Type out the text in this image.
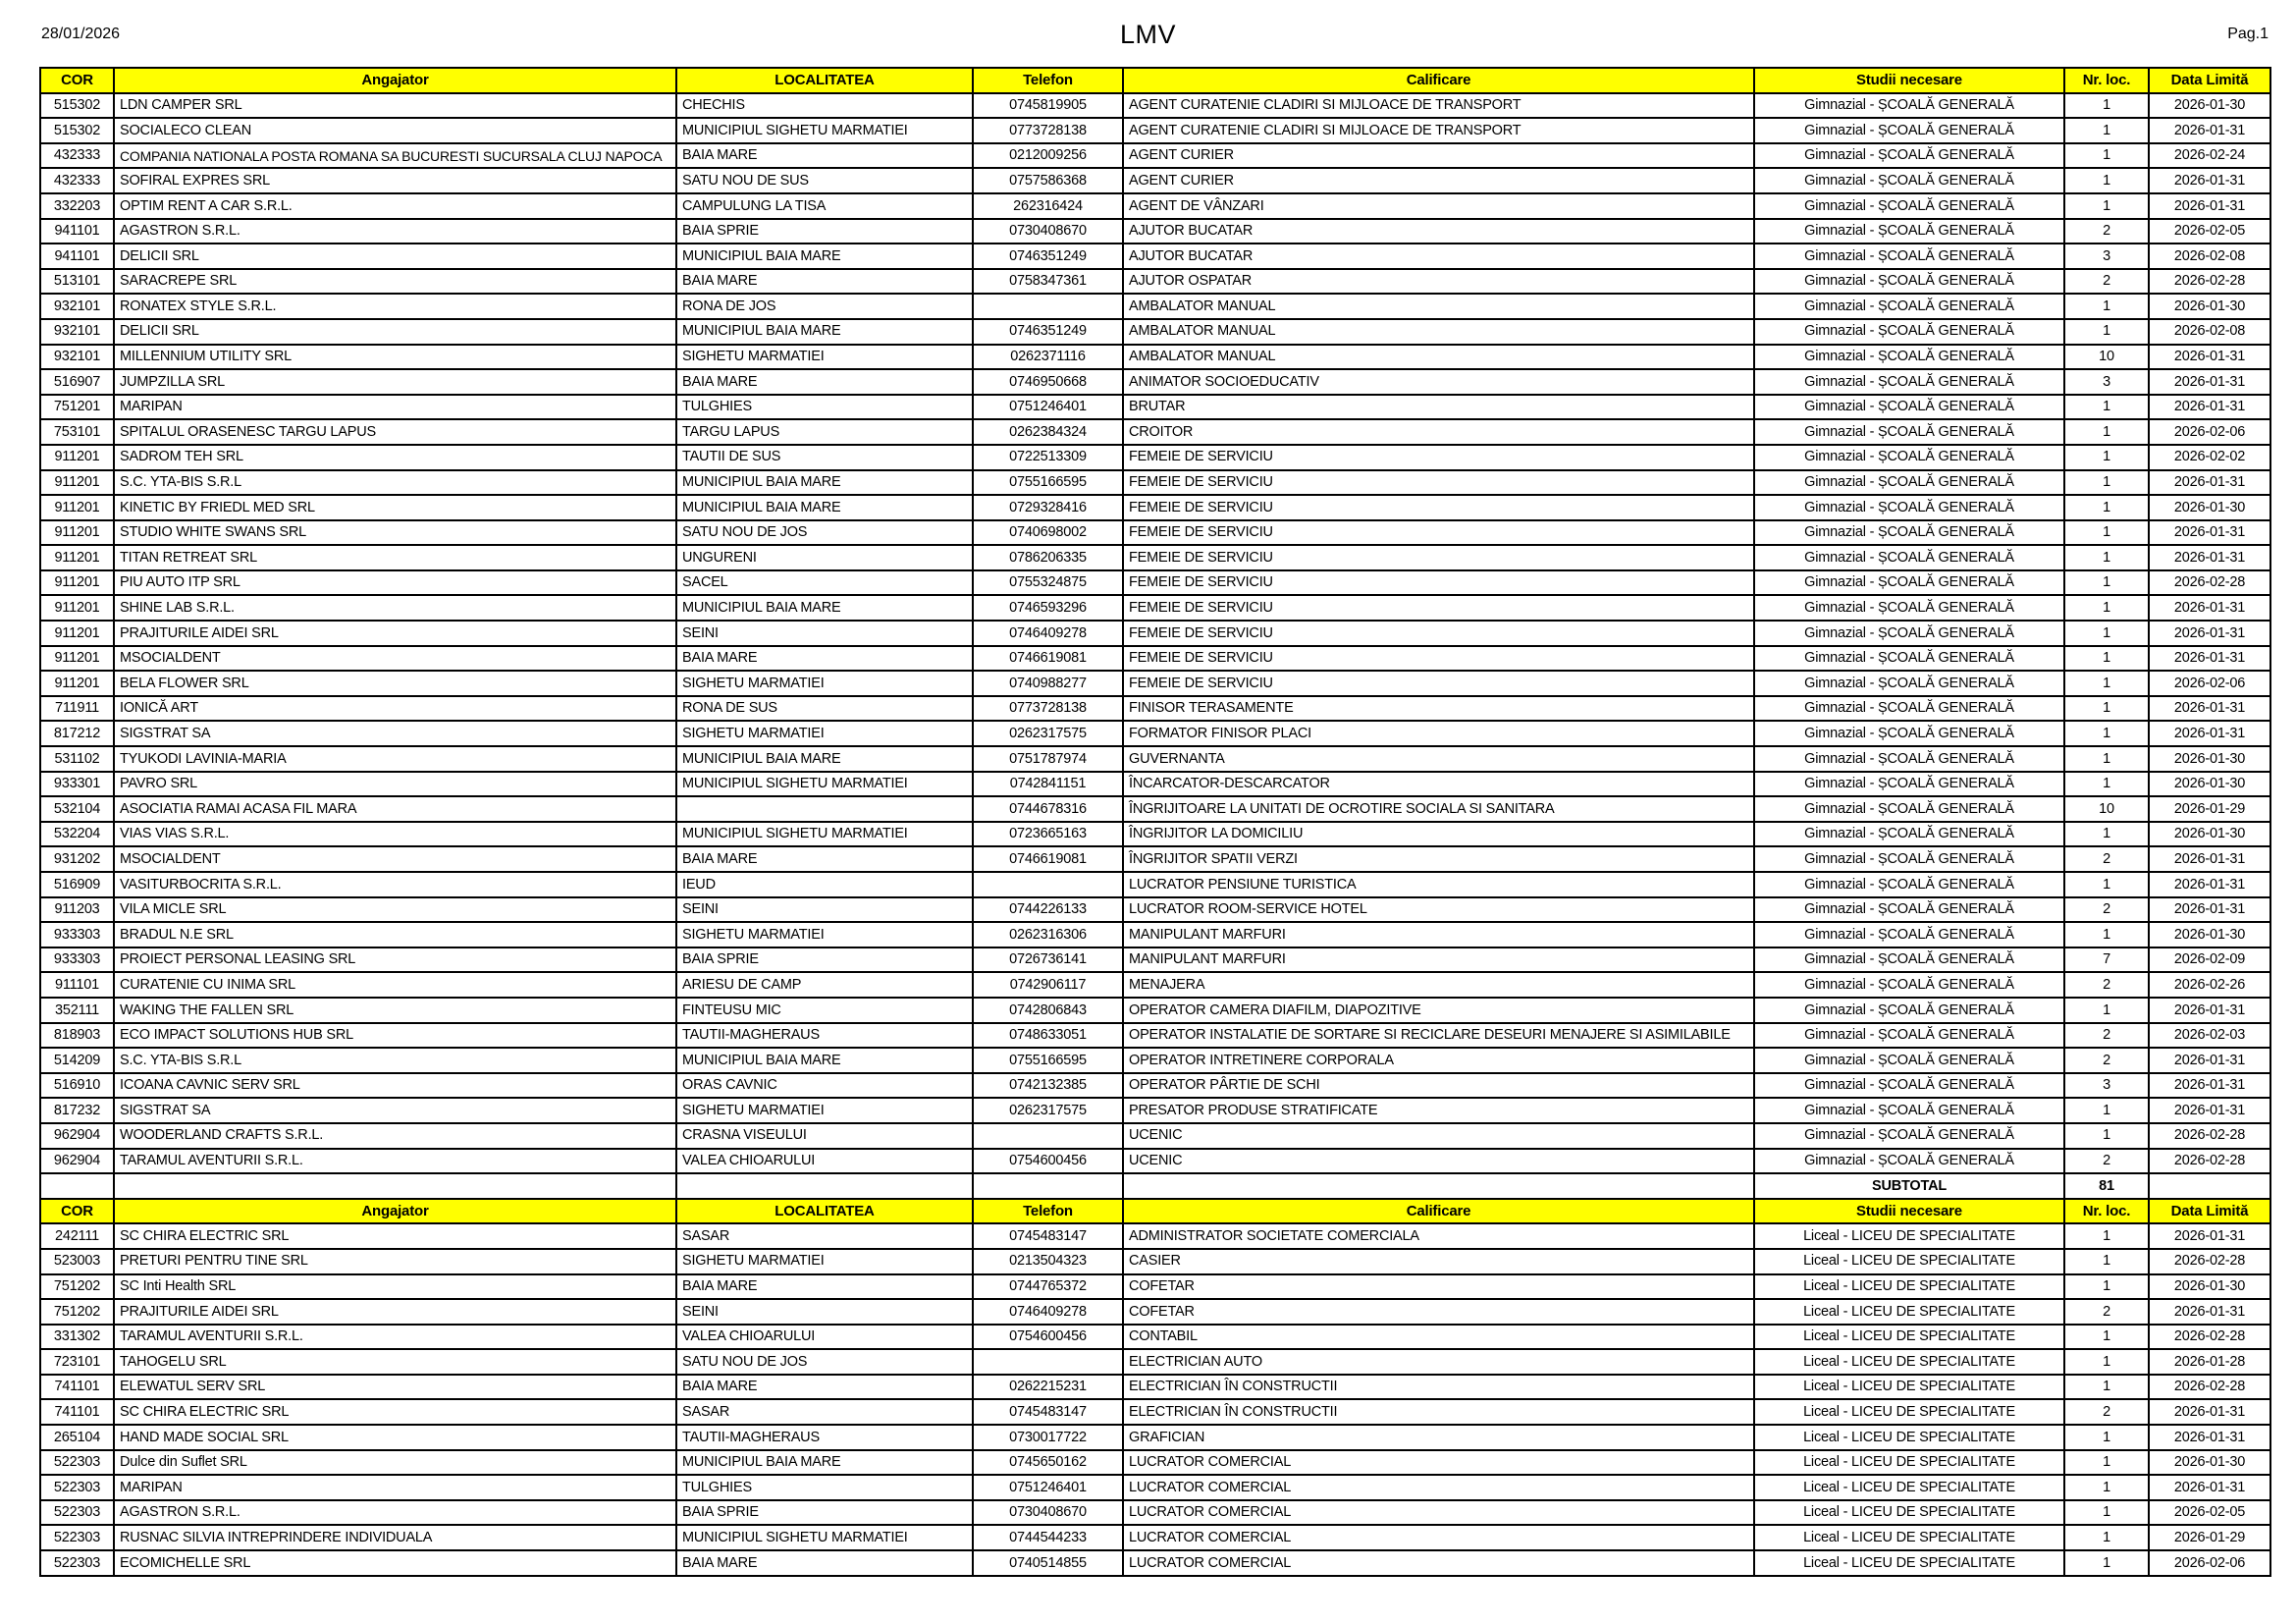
28/01/2026	LMV	Pag.1
COR	Angajator	LOCALITATEA	Telefon	Calificare	Studii necesare	Nr. loc.	Data Limită
515302	LDN CAMPER SRL	CHECHIS	0745819905	AGENT CURATENIE CLADIRI SI MIJLOACE DE TRANSPORT	Gimnazial - ȘCOALĂ GENERALĂ	1	2026-01-30
515302	SOCIALECO CLEAN	MUNICIPIUL SIGHETU MARMATIEI	0773728138	AGENT CURATENIE CLADIRI SI MIJLOACE DE TRANSPORT	Gimnazial - ȘCOALĂ GENERALĂ	1	2026-01-31
432333	COMPANIA NATIONALA POSTA ROMANA SA BUCURESTI SUCURSALA CLUJ NAPOCA	BAIA MARE	0212009256	AGENT CURIER	Gimnazial - ȘCOALĂ GENERALĂ	1	2026-02-24
432333	SOFIRAL EXPRES SRL	SATU NOU DE SUS	0757586368	AGENT CURIER	Gimnazial - ȘCOALĂ GENERALĂ	1	2026-01-31
332203	OPTIM RENT A CAR S.R.L.	CAMPULUNG LA TISA	262316424	AGENT DE VÂNZARI	Gimnazial - ȘCOALĂ GENERALĂ	1	2026-01-31
941101	AGASTRON S.R.L.	BAIA SPRIE	0730408670	AJUTOR BUCATAR	Gimnazial - ȘCOALĂ GENERALĂ	2	2026-02-05
941101	DELICII SRL	MUNICIPIUL BAIA MARE	0746351249	AJUTOR BUCATAR	Gimnazial - ȘCOALĂ GENERALĂ	3	2026-02-08
513101	SARACREPE SRL	BAIA MARE	0758347361	AJUTOR OSPATAR	Gimnazial - ȘCOALĂ GENERALĂ	2	2026-02-28
932101	RONATEX STYLE S.R.L.	RONA DE JOS		AMBALATOR MANUAL	Gimnazial - ȘCOALĂ GENERALĂ	1	2026-01-30
932101	DELICII SRL	MUNICIPIUL BAIA MARE	0746351249	AMBALATOR MANUAL	Gimnazial - ȘCOALĂ GENERALĂ	1	2026-02-08
932101	MILLENNIUM UTILITY SRL	SIGHETU MARMATIEI	0262371116	AMBALATOR MANUAL	Gimnazial - ȘCOALĂ GENERALĂ	10	2026-01-31
516907	JUMPZILLA SRL	BAIA MARE	0746950668	ANIMATOR SOCIOEDUCATIV	Gimnazial - ȘCOALĂ GENERALĂ	3	2026-01-31
751201	MARIPAN	TULGHIES	0751246401	BRUTAR	Gimnazial - ȘCOALĂ GENERALĂ	1	2026-01-31
753101	SPITALUL ORASENESC TARGU LAPUS	TARGU LAPUS	0262384324	CROITOR	Gimnazial - ȘCOALĂ GENERALĂ	1	2026-02-06
911201	SADROM TEH SRL	TAUTII DE SUS	0722513309	FEMEIE DE SERVICIU	Gimnazial - ȘCOALĂ GENERALĂ	1	2026-02-02
911201	S.C. YTA-BIS S.R.L	MUNICIPIUL BAIA MARE	0755166595	FEMEIE DE SERVICIU	Gimnazial - ȘCOALĂ GENERALĂ	1	2026-01-31
911201	KINETIC BY FRIEDL MED SRL	MUNICIPIUL BAIA MARE	0729328416	FEMEIE DE SERVICIU	Gimnazial - ȘCOALĂ GENERALĂ	1	2026-01-30
911201	STUDIO WHITE SWANS SRL	SATU NOU DE JOS	0740698002	FEMEIE DE SERVICIU	Gimnazial - ȘCOALĂ GENERALĂ	1	2026-01-31
911201	TITAN RETREAT SRL	UNGURENI	0786206335	FEMEIE DE SERVICIU	Gimnazial - ȘCOALĂ GENERALĂ	1	2026-01-31
911201	PIU AUTO ITP SRL	SACEL	0755324875	FEMEIE DE SERVICIU	Gimnazial - ȘCOALĂ GENERALĂ	1	2026-02-28
911201	SHINE LAB S.R.L.	MUNICIPIUL BAIA MARE	0746593296	FEMEIE DE SERVICIU	Gimnazial - ȘCOALĂ GENERALĂ	1	2026-01-31
911201	PRAJITURILE AIDEI SRL	SEINI	0746409278	FEMEIE DE SERVICIU	Gimnazial - ȘCOALĂ GENERALĂ	1	2026-01-31
911201	MSOCIALDENT	BAIA MARE	0746619081	FEMEIE DE SERVICIU	Gimnazial - ȘCOALĂ GENERALĂ	1	2026-01-31
911201	BELA FLOWER SRL	SIGHETU MARMATIEI	0740988277	FEMEIE DE SERVICIU	Gimnazial - ȘCOALĂ GENERALĂ	1	2026-02-06
711911	IONICĂ ART	RONA DE SUS	0773728138	FINISOR TERASAMENTE	Gimnazial - ȘCOALĂ GENERALĂ	1	2026-01-31
817212	SIGSTRAT SA	SIGHETU MARMATIEI	0262317575	FORMATOR FINISOR PLACI	Gimnazial - ȘCOALĂ GENERALĂ	1	2026-01-31
531102	TYUKODI LAVINIA-MARIA	MUNICIPIUL BAIA MARE	0751787974	GUVERNANTA	Gimnazial - ȘCOALĂ GENERALĂ	1	2026-01-30
933301	PAVRO SRL	MUNICIPIUL SIGHETU MARMATIEI	0742841151	ÎNCARCATOR-DESCARCATOR	Gimnazial - ȘCOALĂ GENERALĂ	1	2026-01-30
532104	ASOCIATIA RAMAI ACASA FIL MARA		0744678316	ÎNGRIJITOARE LA UNITATI DE OCROTIRE SOCIALA SI SANITARA	Gimnazial - ȘCOALĂ GENERALĂ	10	2026-01-29
532204	VIAS VIAS S.R.L.	MUNICIPIUL SIGHETU MARMATIEI	0723665163	ÎNGRIJITOR LA DOMICILIU	Gimnazial - ȘCOALĂ GENERALĂ	1	2026-01-30
931202	MSOCIALDENT	BAIA MARE	0746619081	ÎNGRIJITOR SPATII VERZI	Gimnazial - ȘCOALĂ GENERALĂ	2	2026-01-31
516909	VASITURBOCRITA S.R.L.	IEUD		LUCRATOR PENSIUNE TURISTICA	Gimnazial - ȘCOALĂ GENERALĂ	1	2026-01-31
911203	VILA MICLE SRL	SEINI	0744226133	LUCRATOR ROOM-SERVICE HOTEL	Gimnazial - ȘCOALĂ GENERALĂ	2	2026-01-31
933303	BRADUL N.E SRL	SIGHETU MARMATIEI	0262316306	MANIPULANT MARFURI	Gimnazial - ȘCOALĂ GENERALĂ	1	2026-01-30
933303	PROIECT PERSONAL LEASING SRL	BAIA SPRIE	0726736141	MANIPULANT MARFURI	Gimnazial - ȘCOALĂ GENERALĂ	7	2026-02-09
911101	CURATENIE CU INIMA SRL	ARIESU DE CAMP	0742906117	MENAJERA	Gimnazial - ȘCOALĂ GENERALĂ	2	2026-02-26
352111	WAKING THE FALLEN SRL	FINTEUSU MIC	0742806843	OPERATOR CAMERA DIAFILM, DIAPOZITIVE	Gimnazial - ȘCOALĂ GENERALĂ	1	2026-01-31
818903	ECO IMPACT SOLUTIONS HUB SRL	TAUTII-MAGHERAUS	0748633051	OPERATOR INSTALATIE DE SORTARE SI RECICLARE DESEURI MENAJERE SI ASIMILABILE	Gimnazial - ȘCOALĂ GENERALĂ	2	2026-02-03
514209	S.C. YTA-BIS S.R.L	MUNICIPIUL BAIA MARE	0755166595	OPERATOR INTRETINERE CORPORALA	Gimnazial - ȘCOALĂ GENERALĂ	2	2026-01-31
516910	ICOANA CAVNIC SERV SRL	ORAS CAVNIC	0742132385	OPERATOR PÂRTIE DE SCHI	Gimnazial - ȘCOALĂ GENERALĂ	3	2026-01-31
817232	SIGSTRAT SA	SIGHETU MARMATIEI	0262317575	PRESATOR PRODUSE STRATIFICATE	Gimnazial - ȘCOALĂ GENERALĂ	1	2026-01-31
962904	WOODERLAND CRAFTS S.R.L.	CRASNA VISEULUI		UCENIC	Gimnazial - ȘCOALĂ GENERALĂ	1	2026-02-28
962904	TARAMUL AVENTURII S.R.L.	VALEA CHIOARULUI	0754600456	UCENIC	Gimnazial - ȘCOALĂ GENERALĂ	2	2026-02-28
					SUBTOTAL	81	
COR	Angajator	LOCALITATEA	Telefon	Calificare	Studii necesare	Nr. loc.	Data Limită
242111	SC CHIRA ELECTRIC SRL	SASAR	0745483147	ADMINISTRATOR SOCIETATE COMERCIALA	Liceal - LICEU DE SPECIALITATE	1	2026-01-31
523003	PRETURI PENTRU TINE SRL	SIGHETU MARMATIEI	0213504323	CASIER	Liceal - LICEU DE SPECIALITATE	1	2026-02-28
751202	SC Inti Health SRL	BAIA MARE	0744765372	COFETAR	Liceal - LICEU DE SPECIALITATE	1	2026-01-30
751202	PRAJITURILE AIDEI SRL	SEINI	0746409278	COFETAR	Liceal - LICEU DE SPECIALITATE	2	2026-01-31
331302	TARAMUL AVENTURII S.R.L.	VALEA CHIOARULUI	0754600456	CONTABIL	Liceal - LICEU DE SPECIALITATE	1	2026-02-28
723101	TAHOGELU SRL	SATU NOU DE JOS		ELECTRICIAN AUTO	Liceal - LICEU DE SPECIALITATE	1	2026-01-28
741101	ELEWATUL SERV SRL	BAIA MARE	0262215231	ELECTRICIAN ÎN CONSTRUCTII	Liceal - LICEU DE SPECIALITATE	1	2026-02-28
741101	SC CHIRA ELECTRIC SRL	SASAR	0745483147	ELECTRICIAN ÎN CONSTRUCTII	Liceal - LICEU DE SPECIALITATE	2	2026-01-31
265104	HAND MADE SOCIAL SRL	TAUTII-MAGHERAUS	0730017722	GRAFICIAN	Liceal - LICEU DE SPECIALITATE	1	2026-01-31
522303	Dulce din Suflet SRL	MUNICIPIUL BAIA MARE	0745650162	LUCRATOR COMERCIAL	Liceal - LICEU DE SPECIALITATE	1	2026-01-30
522303	MARIPAN	TULGHIES	0751246401	LUCRATOR COMERCIAL	Liceal - LICEU DE SPECIALITATE	1	2026-01-31
522303	AGASTRON S.R.L.	BAIA SPRIE	0730408670	LUCRATOR COMERCIAL	Liceal - LICEU DE SPECIALITATE	1	2026-02-05
522303	RUSNAC SILVIA INTREPRINDERE INDIVIDUALA	MUNICIPIUL SIGHETU MARMATIEI	0744544233	LUCRATOR COMERCIAL	Liceal - LICEU DE SPECIALITATE	1	2026-01-29
522303	ECOMICHELLE SRL	BAIA MARE	0740514855	LUCRATOR COMERCIAL	Liceal - LICEU DE SPECIALITATE	1	2026-02-06
